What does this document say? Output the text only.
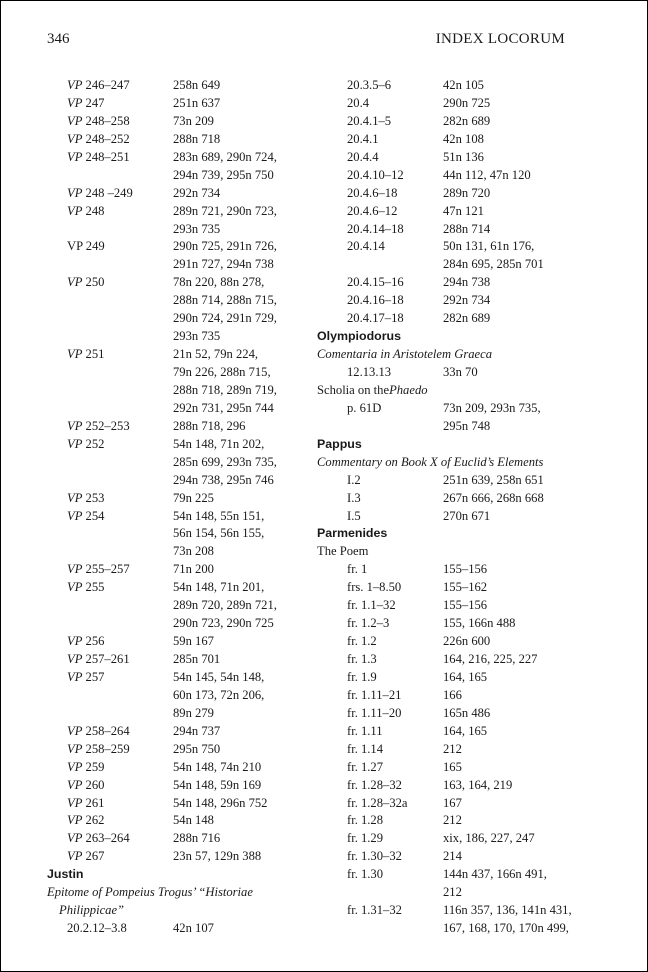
346	INDEX LOCORUM
VP 246–247	258n 649
VP 247	251n 637
VP 248–258	73n 209
VP 248–252	288n 718
VP 248–251	283n 689, 290n 724,
294n 739, 295n 750
VP 248 –249	292n 734
VP 248	289n 721, 290n 723,
293n 735
VP 249	290n 725, 291n 726,
291n 727, 294n 738
VP 250	78n 220, 88n 278,
288n 714, 288n 715,
290n 724, 291n 729,
293n 735
VP 251	21n 52, 79n 224,
79n 226, 288n 715,
288n 718, 289n 719,
292n 731, 295n 744
VP 252–253	288n 718, 296
VP 252	54n 148, 71n 202,
285n 699, 293n 735,
294n 738, 295n 746
VP 253	79n 225
VP 254	54n 148, 55n 151,
56n 154, 56n 155,
73n 208
VP 255–257	71n 200
VP 255	54n 148, 71n 201,
289n 720, 289n 721,
290n 723, 290n 725
VP 256	59n 167
VP 257–261	285n 701
VP 257	54n 145, 54n 148,
60n 173, 72n 206,
89n 279
VP 258–264	294n 737
VP 258–259	295n 750
VP 259	54n 148, 74n 210
VP 260	54n 148, 59n 169
VP 261	54n 148, 296n 752
VP 262	54n 148
VP 263–264	288n 716
VP 267	23n 57, 129n 388
Justin
Epitome of Pompeius Trogus’ “Historiae
Philippicae”
20.2.12–3.8	42n 107
20.3.5–6	42n 105
20.4	290n 725
20.4.1–5	282n 689
20.4.1	42n 108
20.4.4	51n 136
20.4.10–12	44n 112, 47n 120
20.4.6–18	289n 720
20.4.6–12	47n 121
20.4.14–18	288n 714
20.4.14	50n 131, 61n 176,
284n 695, 285n 701
20.4.15–16	294n 738
20.4.16–18	292n 734
20.4.17–18	282n 689
Olympiodorus
Comentaria in Aristotelem Graeca
12.13.13	33n 70
Scholia on the Phaedo
p. 61D	73n 209, 293n 735,
295n 748
Pappus
Commentary on Book X of Euclid’s Elements
I.2	251n 639, 258n 651
I.3	267n 666, 268n 668
I.5	270n 671
Parmenides
The Poem
fr. 1	155–156
frs. 1–8.50	155–162
fr. 1.1–32	155–156
fr. 1.2–3	155, 166n 488
fr. 1.2	226n 600
fr. 1.3	164, 216, 225, 227
fr. 1.9	164, 165
fr. 1.11–21	166
fr. 1.11–20	165n 486
fr. 1.11	164, 165
fr. 1.14	212
fr. 1.27	165
fr. 1.28–32	163, 164, 219
fr. 1.28–32a	167
fr. 1.28	212
fr. 1.29	xix, 186, 227, 247
fr. 1.30–32	214
fr. 1.30	144n 437, 166n 491,
212
fr. 1.31–32	116n 357, 136, 141n 431,
167, 168, 170, 170n 499,
